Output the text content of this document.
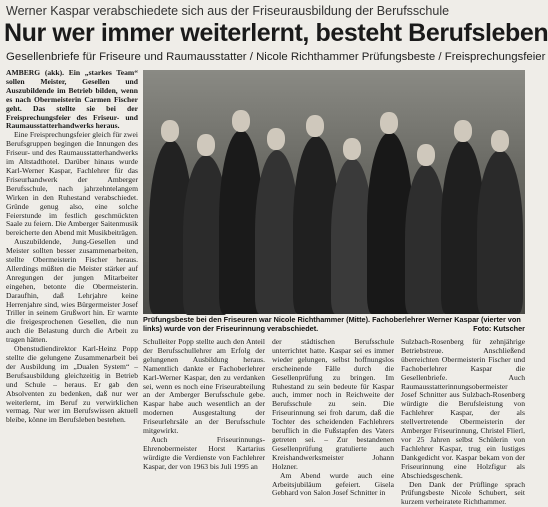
Werner Kaspar verabschiedete sich aus der Friseurausbildung der Berufsschule
Nur wer immer weiterlernt, besteht Berufsleben
Gesellenbriefe für Friseure und Raumausstatter / Nicole Richthammer Prüfungsbeste / Freisprechungsfeier

AMBERG (akk). Ein „starkes Team“ sollen Meister, Gesellen und Auszubildende im Betrieb bilden, wenn es nach Obermeisterin Carmen Fischer geht. Das stellte sie bei der Freisprechungsfeier des Friseur- und Raumausstatterhandwerks heraus.

Eine Freisprechungsfeier gleich für zwei Berufsgruppen begingen die Innungen des Friseur- und des Raumausstatterhandwerks im Altstadthotel. Darüber hinaus wurde Karl-Werner Kaspar, Fachlehrer für das Friseurhandwerk der Amberger Berufsschule, nach jahrzehntelangem Wirken in den Ruhestand verabschiedet. Gründe genug also, eine solche Feierstunde im festlich geschmückten Saale zu feiern. Die Amberger Saitenmusik bereicherte den Abend mit Musikbeiträgen.

Auszubildende, Jung-Gesellen und Meister sollten besser zusammenarbeiten, stellte Obermeisterin Fischer heraus. Allerdings müßten die Meister stärker auf Anregungen der jungen Mitarbeiter eingehen, betonte die Obermeisterin. Daraufhin, daß Lehrjahre keine Herrenjahre sind, wies Bürgermeister Josef Triller in seinem Grußwort hin. Er warnte die freigesprochenen Gesellen, die nun auch die Belastung durch die Arbeit zu tragen hätten.

Obenstudiendirektor Karl-Heinz Popp stellte die gelungene Zusammenarbeit bei der Ausbildung im „Dualen System“ – Berufsausbildung gleichzeitig in Betrieb und Schule – heraus. Er gab den Absolventen zu bedenken, daß nur wer weiterlernt, im Beruf zu verwirklichen vermag. Nur wer im Berufswissen aktuell bleibe, könne im Berufsleben bestehen.

Prüfungsbeste bei den Friseuren war Nicole Richthammer (Mitte). Fachoberlehrer Werner Kaspar (vierter von links) wurde von der Friseurinnung verabschiedet.	Foto: Kutscher

Schulleiter Popp stellte auch den Anteil der Berufsschullehrer am Erfolg der gelungenen Ausbildung heraus. Namentlich dankte er Fachoberlehrer Karl-Werner Kaspar, den zu verdanken sei, wenn es noch eine Friseurabteilung an der Amberger Berufsschule gebe. Kaspar habe auch wesentlich an der modernen Ausgestaltung der Friseurlehrsäle an der Berufsschule mitgewirkt.

Auch Friseurinnungs-Ehrenobermeister Horst Kartarius würdigte die Verdienste von Fachlehrer Kaspar, der von 1963 bis Juli 1995 an

der städtischen Berufsschule unterrichtet hatte. Kaspar sei es immer wieder gelungen, selbst hoffnungslos erscheinende Fälle durch die Gesellenprüfung zu bringen. Im Ruhestand zu sein bedeute für Kaspar auch, immer noch in Reichweite der Berufsschule zu sein. Die Friseurinnung sei froh darum, daß die Tochter des scheidenden Fachlehrers beruflich in die Fußstapfen des Vaters getreten sei. – Zur bestandenen Gesellenprüfung gratulierte auch Kreishandwerksmeister Johann Holzner.

Am Abend wurde auch eine Arbeitsjubiläum gefeiert. Gisela Gebhard von Salon Josef Schnitter in

Sulzbach-Rosenberg für zehnjährige Betriebstreue. Anschließend überreichten Obermeisterin Fischer und Fachoberlehrer Kaspar die Gesellenbriefe. Auch Raumausstatterinnungsobermeister Josef Schnitter aus Sulzbach-Rosenberg würdigte die Berufsleistung von Fachlehrer Kaspar, der als stellvertretende Obermeisterin der Amberger Friseurinnung, Christel Flierl, vor 25 Jahren selbst Schülerin von Fachlehrer Kaspar, trug ein lustiges Dankgedicht vor. Kaspar bekam von der Friseurinnung eine Holzfigur als Abschiedsgeschenk.

Den Dank der Prüflinge sprach Prüfungsbeste Nicole Schubert, seit kurzem verheiratete Richthammer.
